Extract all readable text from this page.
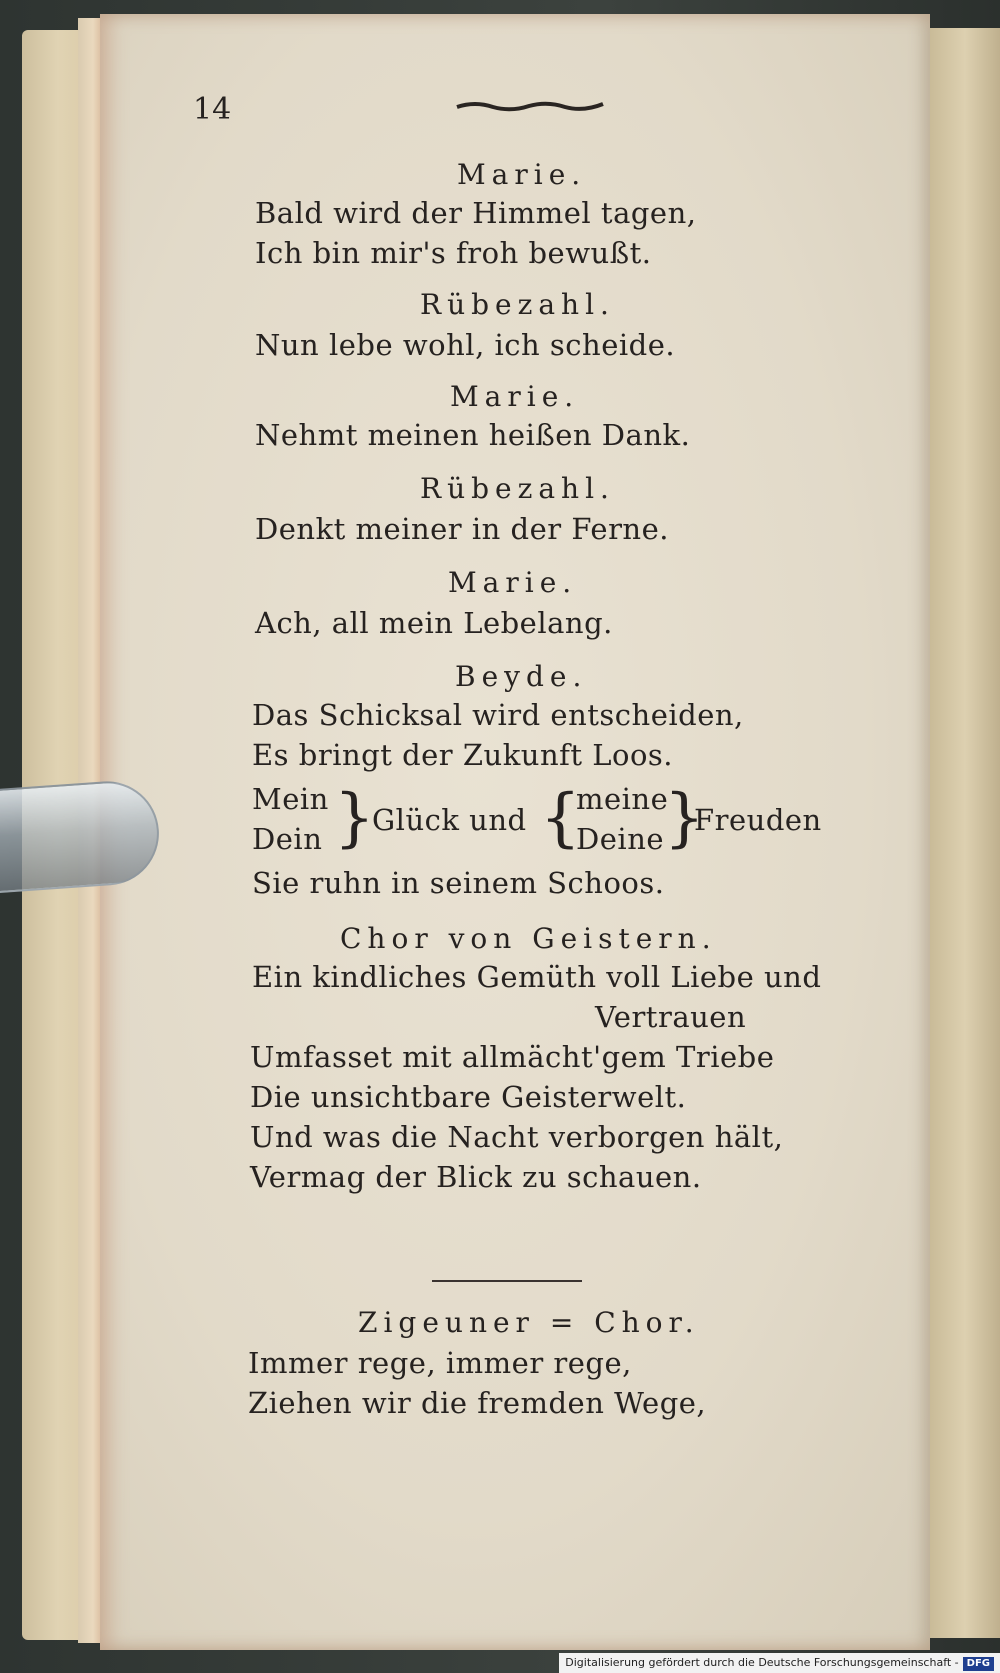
14
Marie.
Bald wird der Himmel tagen,
Ich bin mir's froh bewußt.
Rübezahl.
Nun lebe wohl, ich scheide.
Marie.
Nehmt meinen heißen Dank.
Rübezahl.
Denkt meiner in der Ferne.
Marie.
Ach, all mein Lebelang.
Beyde.
Das Schicksal wird entscheiden,
Es bringt der Zukunft Loos.
Mein
Dein }
Glück und {
meine
Deine }
Freuden
Sie ruhn in seinem Schoos.
Chor von Geistern.
Ein kindliches Gemüth voll Liebe und
Vertrauen
Umfasset mit allmächt'gem Triebe
Die unsichtbare Geisterwelt.
Und was die Nacht verborgen hält,
Vermag der Blick zu schauen.
Zigeuner = Chor.
Immer rege, immer rege,
Ziehen wir die fremden Wege,
Digitalisierung gefördert durch die Deutsche Forschungsgemeinschaft - DFG
